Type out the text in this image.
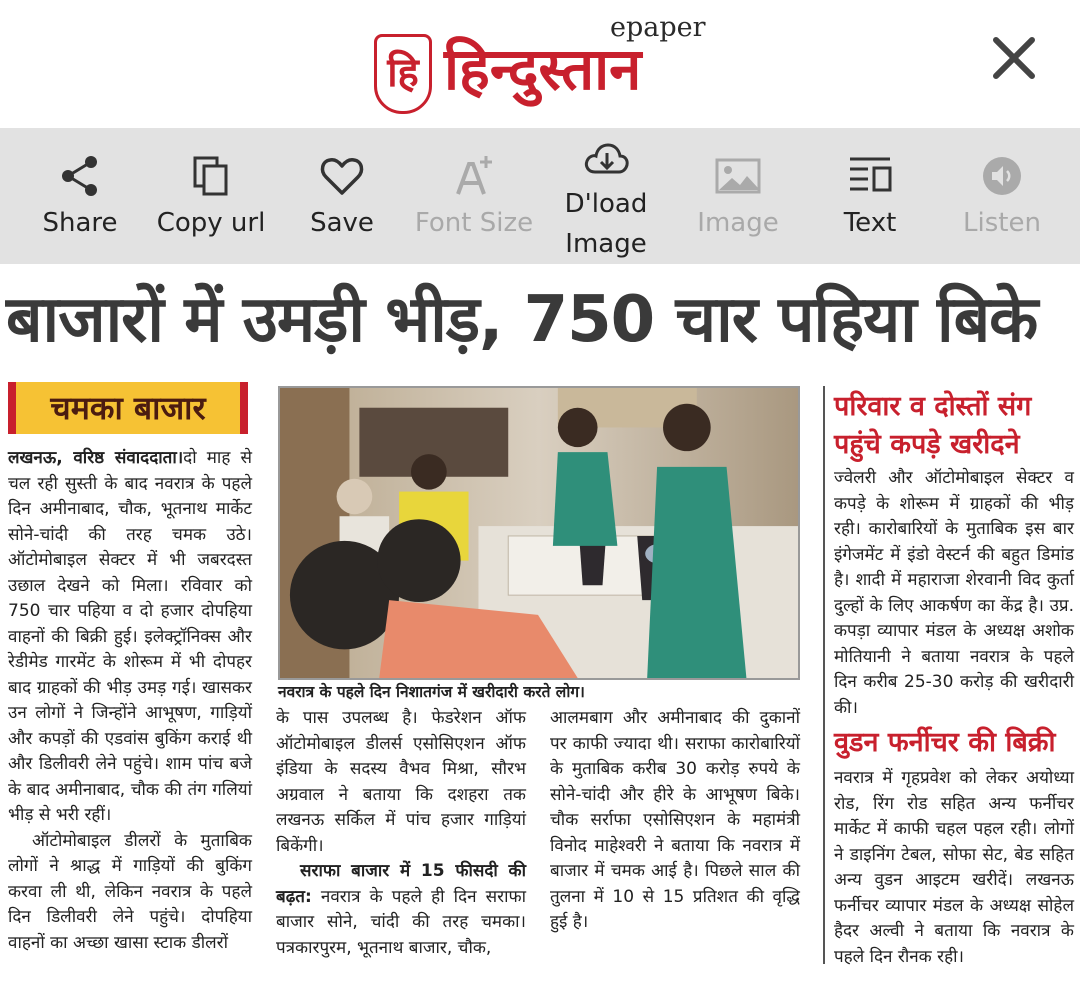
हि
epaper
हिन्दुस्तान
Share	Copy url	Save	Font Size
D'load
Image
Image	Text	Listen
बाजारों में उमड़ी भीड़, 750 चार पहिया बिके
चमका बाजार

लखनऊ, वरिष्ठ संवाददाता।दो माह से चल रही सुस्ती के बाद नवरात्र के पहले दिन अमीनाबाद, चौक, भूतनाथ मार्केट सोने-चांदी की तरह चमक उठे। ऑटोमोबाइल सेक्टर में भी जबरदस्त उछाल देखने को मिला। रविवार को 750 चार पहिया व दो हजार दोपहिया वाहनों की बिक्री हुई। इलेक्ट्रॉनिक्स और रेडीमेड गारमेंट के शोरूम में भी दोपहर बाद ग्राहकों की भीड़ उमड़ गई। खासकर उन लोगों ने जिन्होंने आभूषण, गाड़ियों और कपड़ों की एडवांस बुकिंग कराई थी और डिलीवरी लेने पहुंचे। शाम पांच बजे के बाद अमीनाबाद, चौक की तंग गलियां भीड़ से भरी रहीं।

ऑटोमोबाइल डीलरों के मुताबिक लोगों ने श्राद्ध में गाड़ियों की बुकिंग करवा ली थी, लेकिन नवरात्र के पहले दिन डिलीवरी लेने पहुंचे। दोपहिया वाहनों का अच्छा खासा स्टाक डीलरों

नवरात्र के पहले दिन निशातगंज में खरीदारी करते लोग।

के पास उपलब्ध है। फेडरेशन ऑफ ऑटोमोबाइल डीलर्स एसोसिएशन ऑफ इंडिया के सदस्य वैभव मिश्रा, सौरभ अग्रवाल ने बताया कि दशहरा तक लखनऊ सर्किल में पांच हजार गाड़ियां बिकेंगी।

सराफा बाजार में 15 फीसदी की बढ़त: नवरात्र के पहले ही दिन सराफा बाजार सोने, चांदी की तरह चमका। पत्रकारपुरम, भूतनाथ बाजार, चौक,

आलमबाग और अमीनाबाद की दुकानों पर काफी ज्यादा थी। सराफा कारोबारियों के मुताबिक करीब 30 करोड़ रुपये के सोने-चांदी और हीरे के आभूषण बिके। चौक सर्राफा एसोसिएशन के महामंत्री विनोद माहेश्वरी ने बताया कि नवरात्र में बाजार में चमक आई है। पिछले साल की तुलना में 10 से 15 प्रतिशत की वृद्धि हुई है।

परिवार व दोस्तों संग पहुंचे कपड़े खरीदने
ज्वेलरी और ऑटोमोबाइल सेक्टर व कपड़े के शोरूम में ग्राहकों की भीड़ रही। कारोबारियों के मुताबिक इस बार इंगेजमेंट में इंडो वेस्टर्न की बहुत डिमांड है। शादी में महाराजा शेरवानी विद कुर्ता दुल्हों के लिए आकर्षण का केंद्र है। उप्र. कपड़ा व्यापार मंडल के अध्यक्ष अशोक मोतियानी ने बताया नवरात्र के पहले दिन करीब 25-30 करोड़ की खरीदारी की।
वुडन फर्नीचर की बिक्री
नवरात्र में गृहप्रवेश को लेकर अयोध्या रोड, रिंग रोड सहित अन्य फर्नीचर मार्केट में काफी चहल पहल रही। लोगों ने डाइनिंग टेबल, सोफा सेट, बेड सहित अन्य वुडन आइटम खरीदें। लखनऊ फर्नीचर व्यापार मंडल के अध्यक्ष सोहेल हैदर अल्वी ने बताया कि नवरात्र के पहले दिन रौनक रही।
